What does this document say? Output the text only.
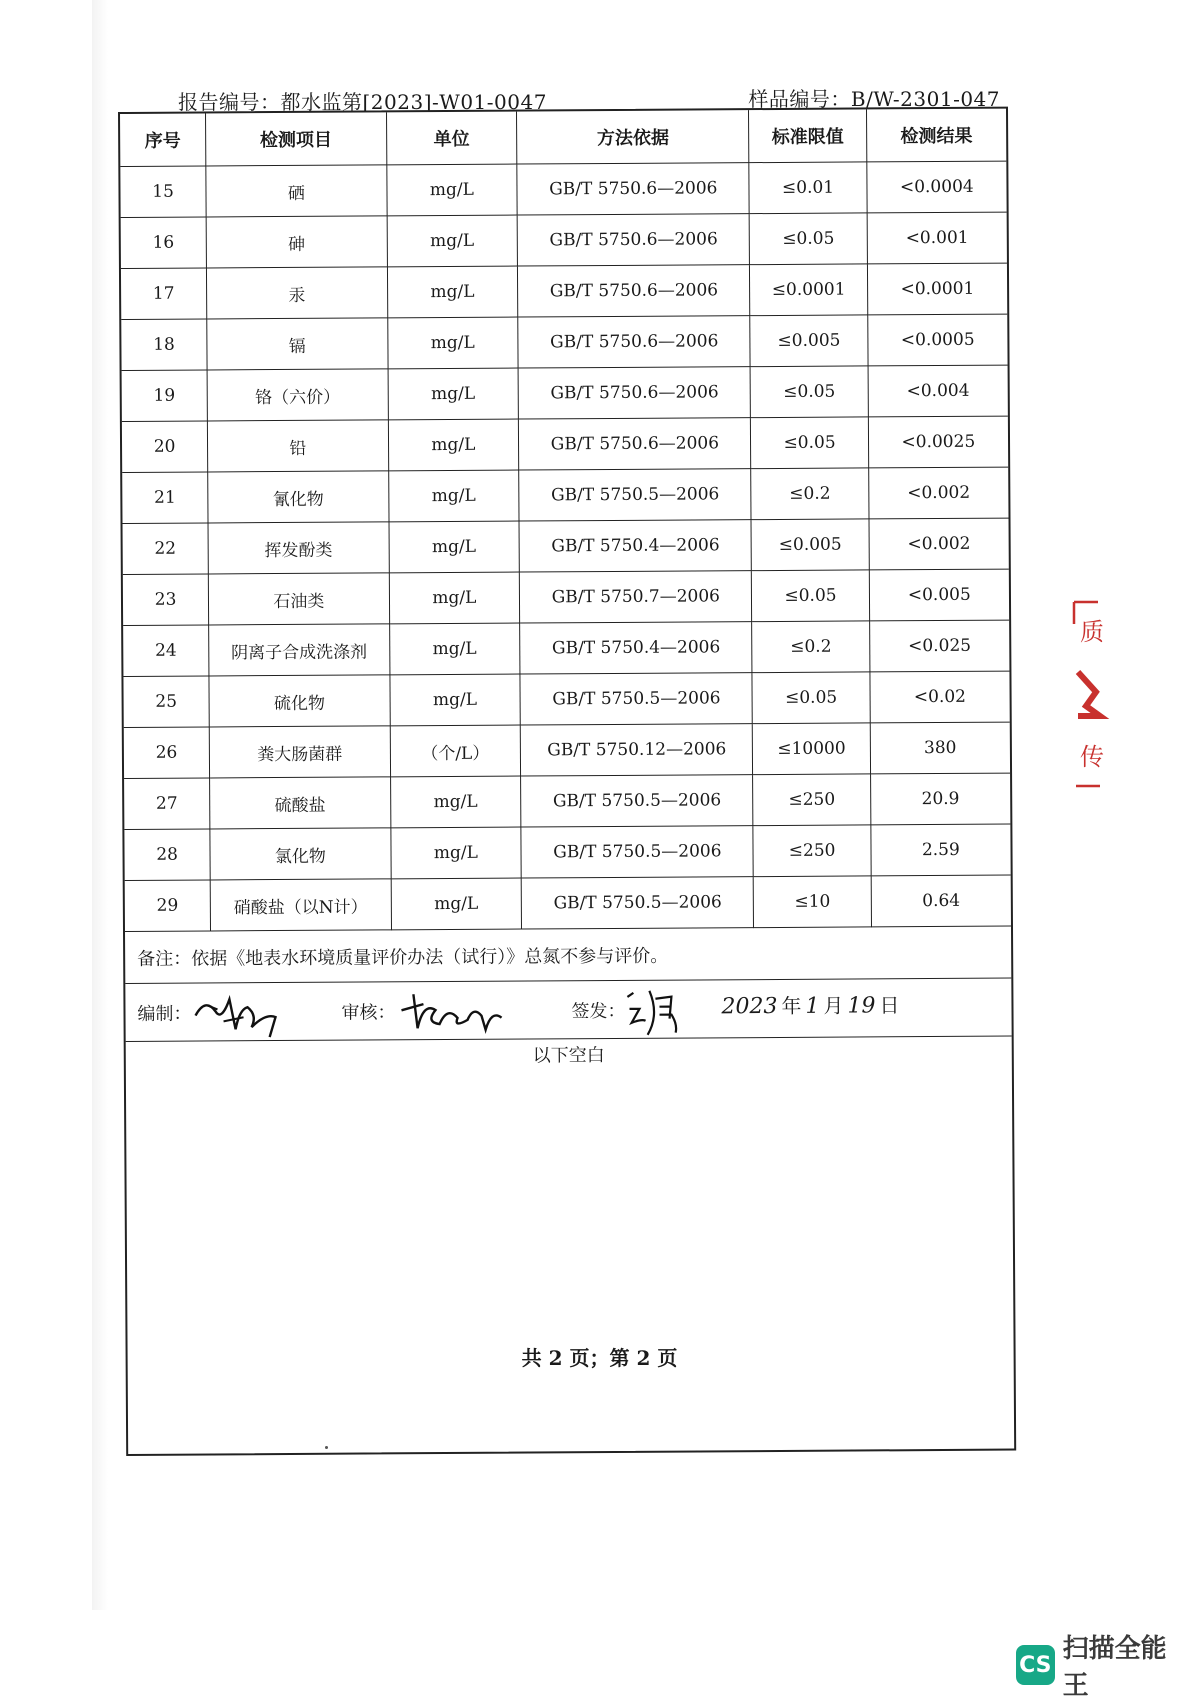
报告编号：都水监第[2023]-W01-0047	样品编号：B/W-2301-047
序号	检测项目	单位	方法依据	标准限值	检测结果
15	硒	mg/L	GB/T 5750.6—2006	≤0.01	<0.0004
16	砷	mg/L	GB/T 5750.6—2006	≤0.05	<0.001
17	汞	mg/L	GB/T 5750.6—2006	≤0.0001	<0.0001
18	镉	mg/L	GB/T 5750.6—2006	≤0.005	<0.0005
19	铬（六价）	mg/L	GB/T 5750.6—2006	≤0.05	<0.004
20	铅	mg/L	GB/T 5750.6—2006	≤0.05	<0.0025
21	氰化物	mg/L	GB/T 5750.5—2006	≤0.2	<0.002
22	挥发酚类	mg/L	GB/T 5750.4—2006	≤0.005	<0.002
23	石油类	mg/L	GB/T 5750.7—2006	≤0.05	<0.005
24	阴离子合成洗涤剂	mg/L	GB/T 5750.4—2006	≤0.2	<0.025
25	硫化物	mg/L	GB/T 5750.5—2006	≤0.05	<0.02
26	粪大肠菌群	（个/L）	GB/T 5750.12—2006	≤10000	380
27	硫酸盐	mg/L	GB/T 5750.5—2006	≤250	20.9
28	氯化物	mg/L	GB/T 5750.5—2006	≤250	2.59
29	硝酸盐（以N计）	mg/L	GB/T 5750.5—2006	≤10	0.64
备注：依据《地表水环境质量评价办法（试行）》总氮不参与评价。
编制：	审核：	签发：	2023 年 1 月 19 日
以下空白
共 2 页；第 2 页
质
传
CS
扫描全能王
